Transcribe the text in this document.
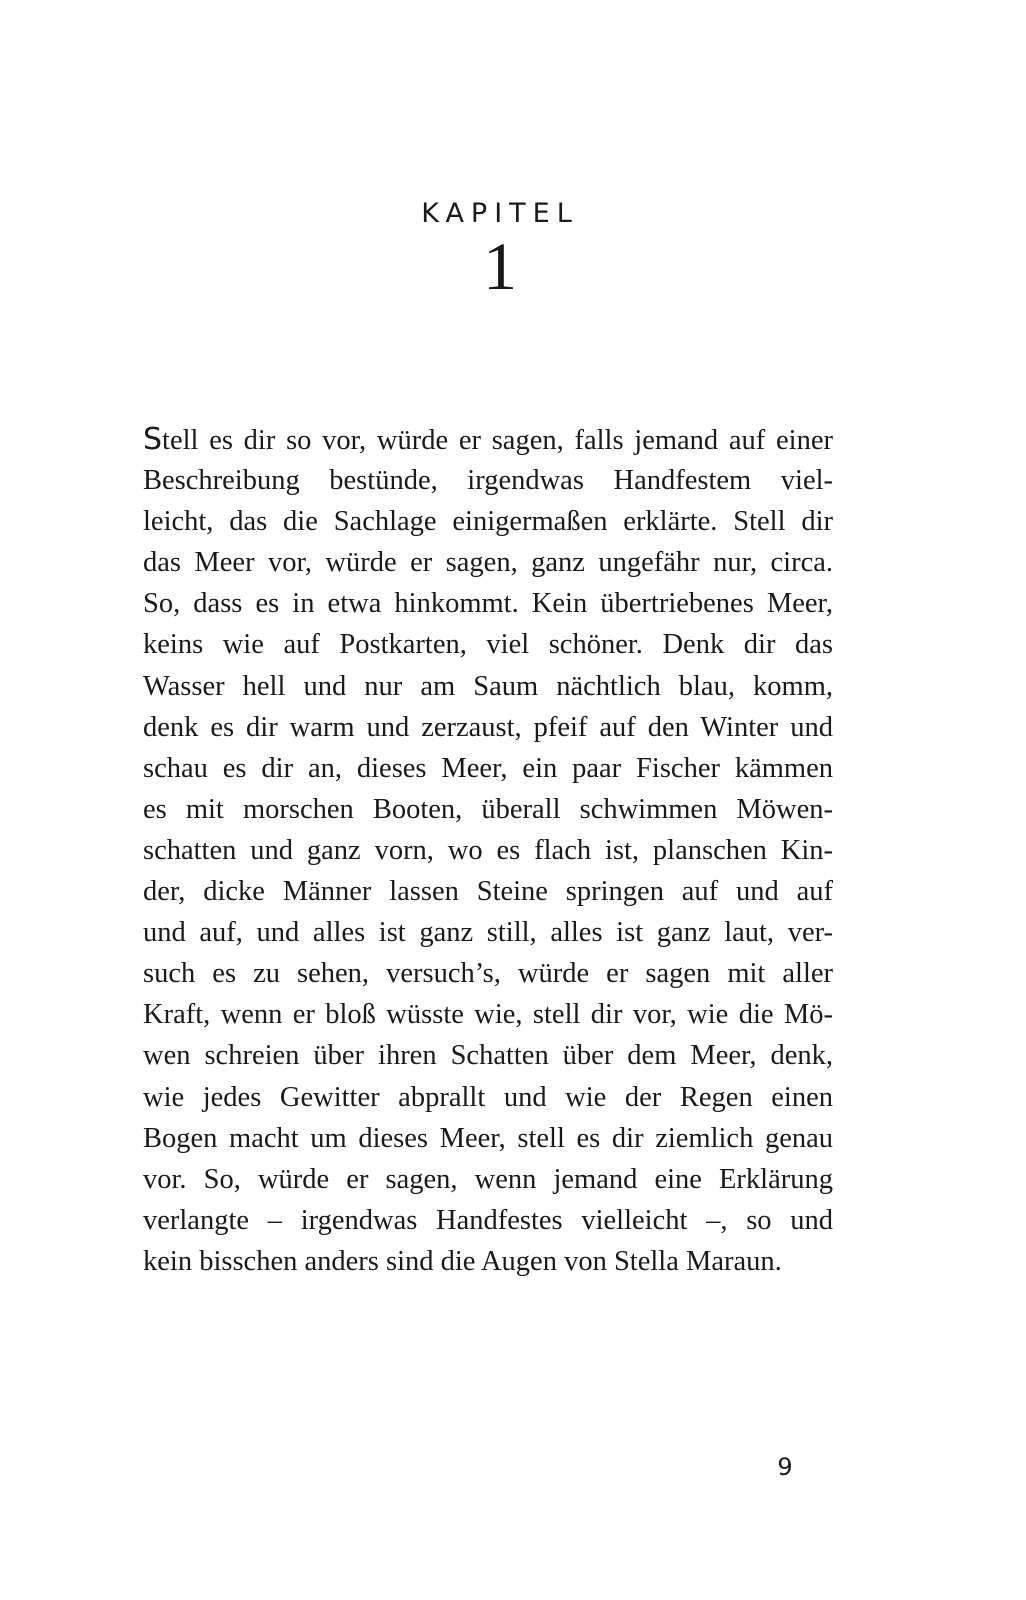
KAPITEL
1
Stell es dir so vor, würde er sagen, falls jemand auf einer
Beschreibung bestünde, irgendwas Handfestem viel-
leicht, das die Sachlage einigermaßen erklärte. Stell dir
das Meer vor, würde er sagen, ganz ungefähr nur, circa.
So, dass es in etwa hinkommt. Kein übertriebenes Meer,
keins wie auf Postkarten, viel schöner. Denk dir das
Wasser hell und nur am Saum nächtlich blau, komm,
denk es dir warm und zerzaust, pfeif auf den Winter und
schau es dir an, dieses Meer, ein paar Fischer kämmen
es mit morschen Booten, überall schwimmen Möwen-
schatten und ganz vorn, wo es flach ist, planschen Kin-
der, dicke Männer lassen Steine springen auf und auf
und auf, und alles ist ganz still, alles ist ganz laut, ver-
such es zu sehen, versuch’s, würde er sagen mit aller
Kraft, wenn er bloß wüsste wie, stell dir vor, wie die Mö-
wen schreien über ihren Schatten über dem Meer, denk,
wie jedes Gewitter abprallt und wie der Regen einen
Bogen macht um dieses Meer, stell es dir ziemlich genau
vor. So, würde er sagen, wenn jemand eine Erklärung
verlangte – irgendwas Handfestes vielleicht –, so und
kein bisschen anders sind die Augen von Stella Maraun.
9
